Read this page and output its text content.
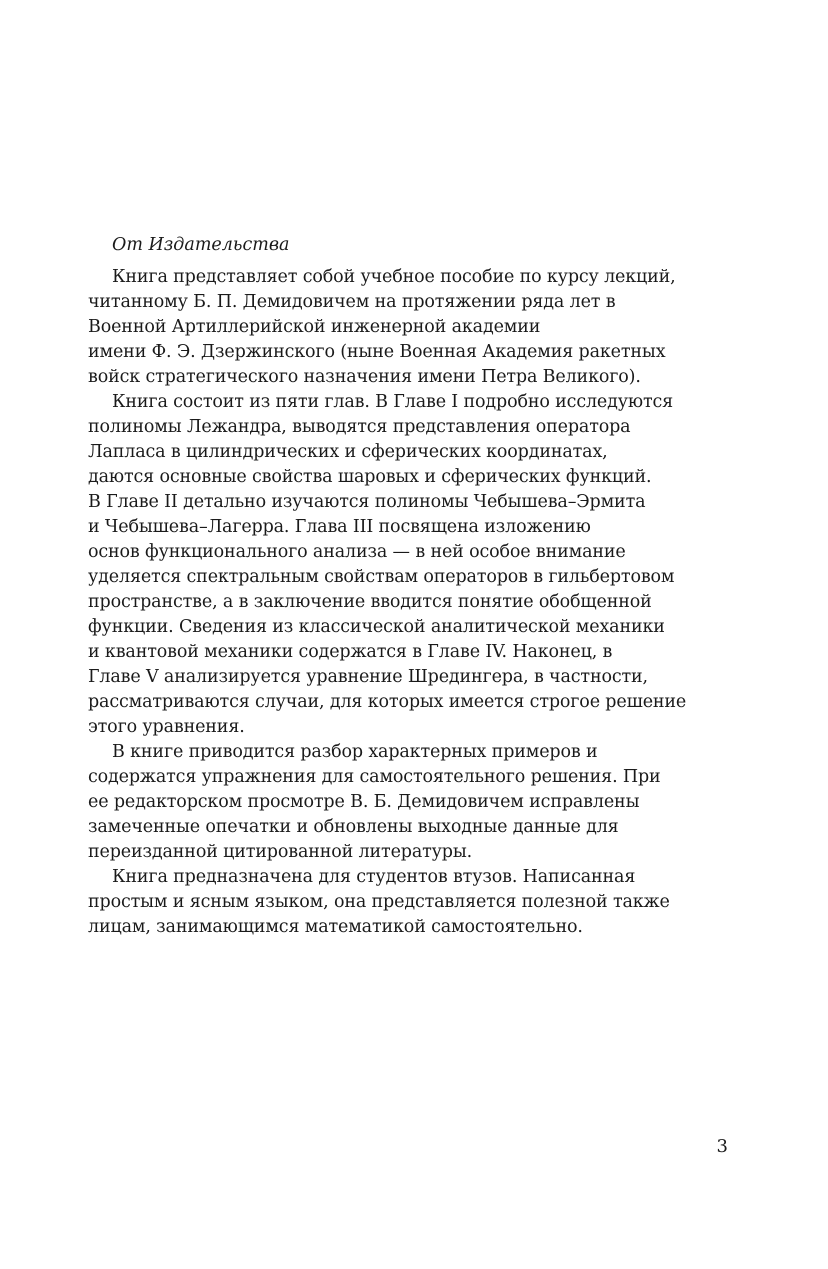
От Издательства
Книга представляет собой учебное пособие по курсу лекций,
читанному Б. П. Демидовичем на протяжении ряда лет в
Военной Артиллерийской инженерной академии
имени Ф. Э. Дзержинского (ныне Военная Академия ракетных
войск стратегического назначения имени Петра Великого).
Книга состоит из пяти глав. В Главе I подробно исследуются
полиномы Лежандра, выводятся представления оператора
Лапласа в цилиндрических и сферических координатах,
даются основные свойства шаровых и сферических функций.
В Главе II детально изучаются полиномы Чебышева–Эрмита
и Чебышева–Лагерра. Глава III посвящена изложению
основ функционального анализа — в ней особое внимание
уделяется спектральным свойствам операторов в гильбертовом
пространстве, а в заключение вводится понятие обобщенной
функции. Сведения из классической аналитической механики
и квантовой механики содержатся в Главе IV. Наконец, в
Главе V анализируется уравнение Шредингера, в частности,
рассматриваются случаи, для которых имеется строгое решение
этого уравнения.
В книге приводится разбор характерных примеров и
содержатся упражнения для самостоятельного решения. При
ее редакторском просмотре В. Б. Демидовичем исправлены
замеченные опечатки и обновлены выходные данные для
переизданной цитированной литературы.
Книга предназначена для студентов втузов. Написанная
простым и ясным языком, она представляется полезной также
лицам, занимающимся математикой самостоятельно.
3
